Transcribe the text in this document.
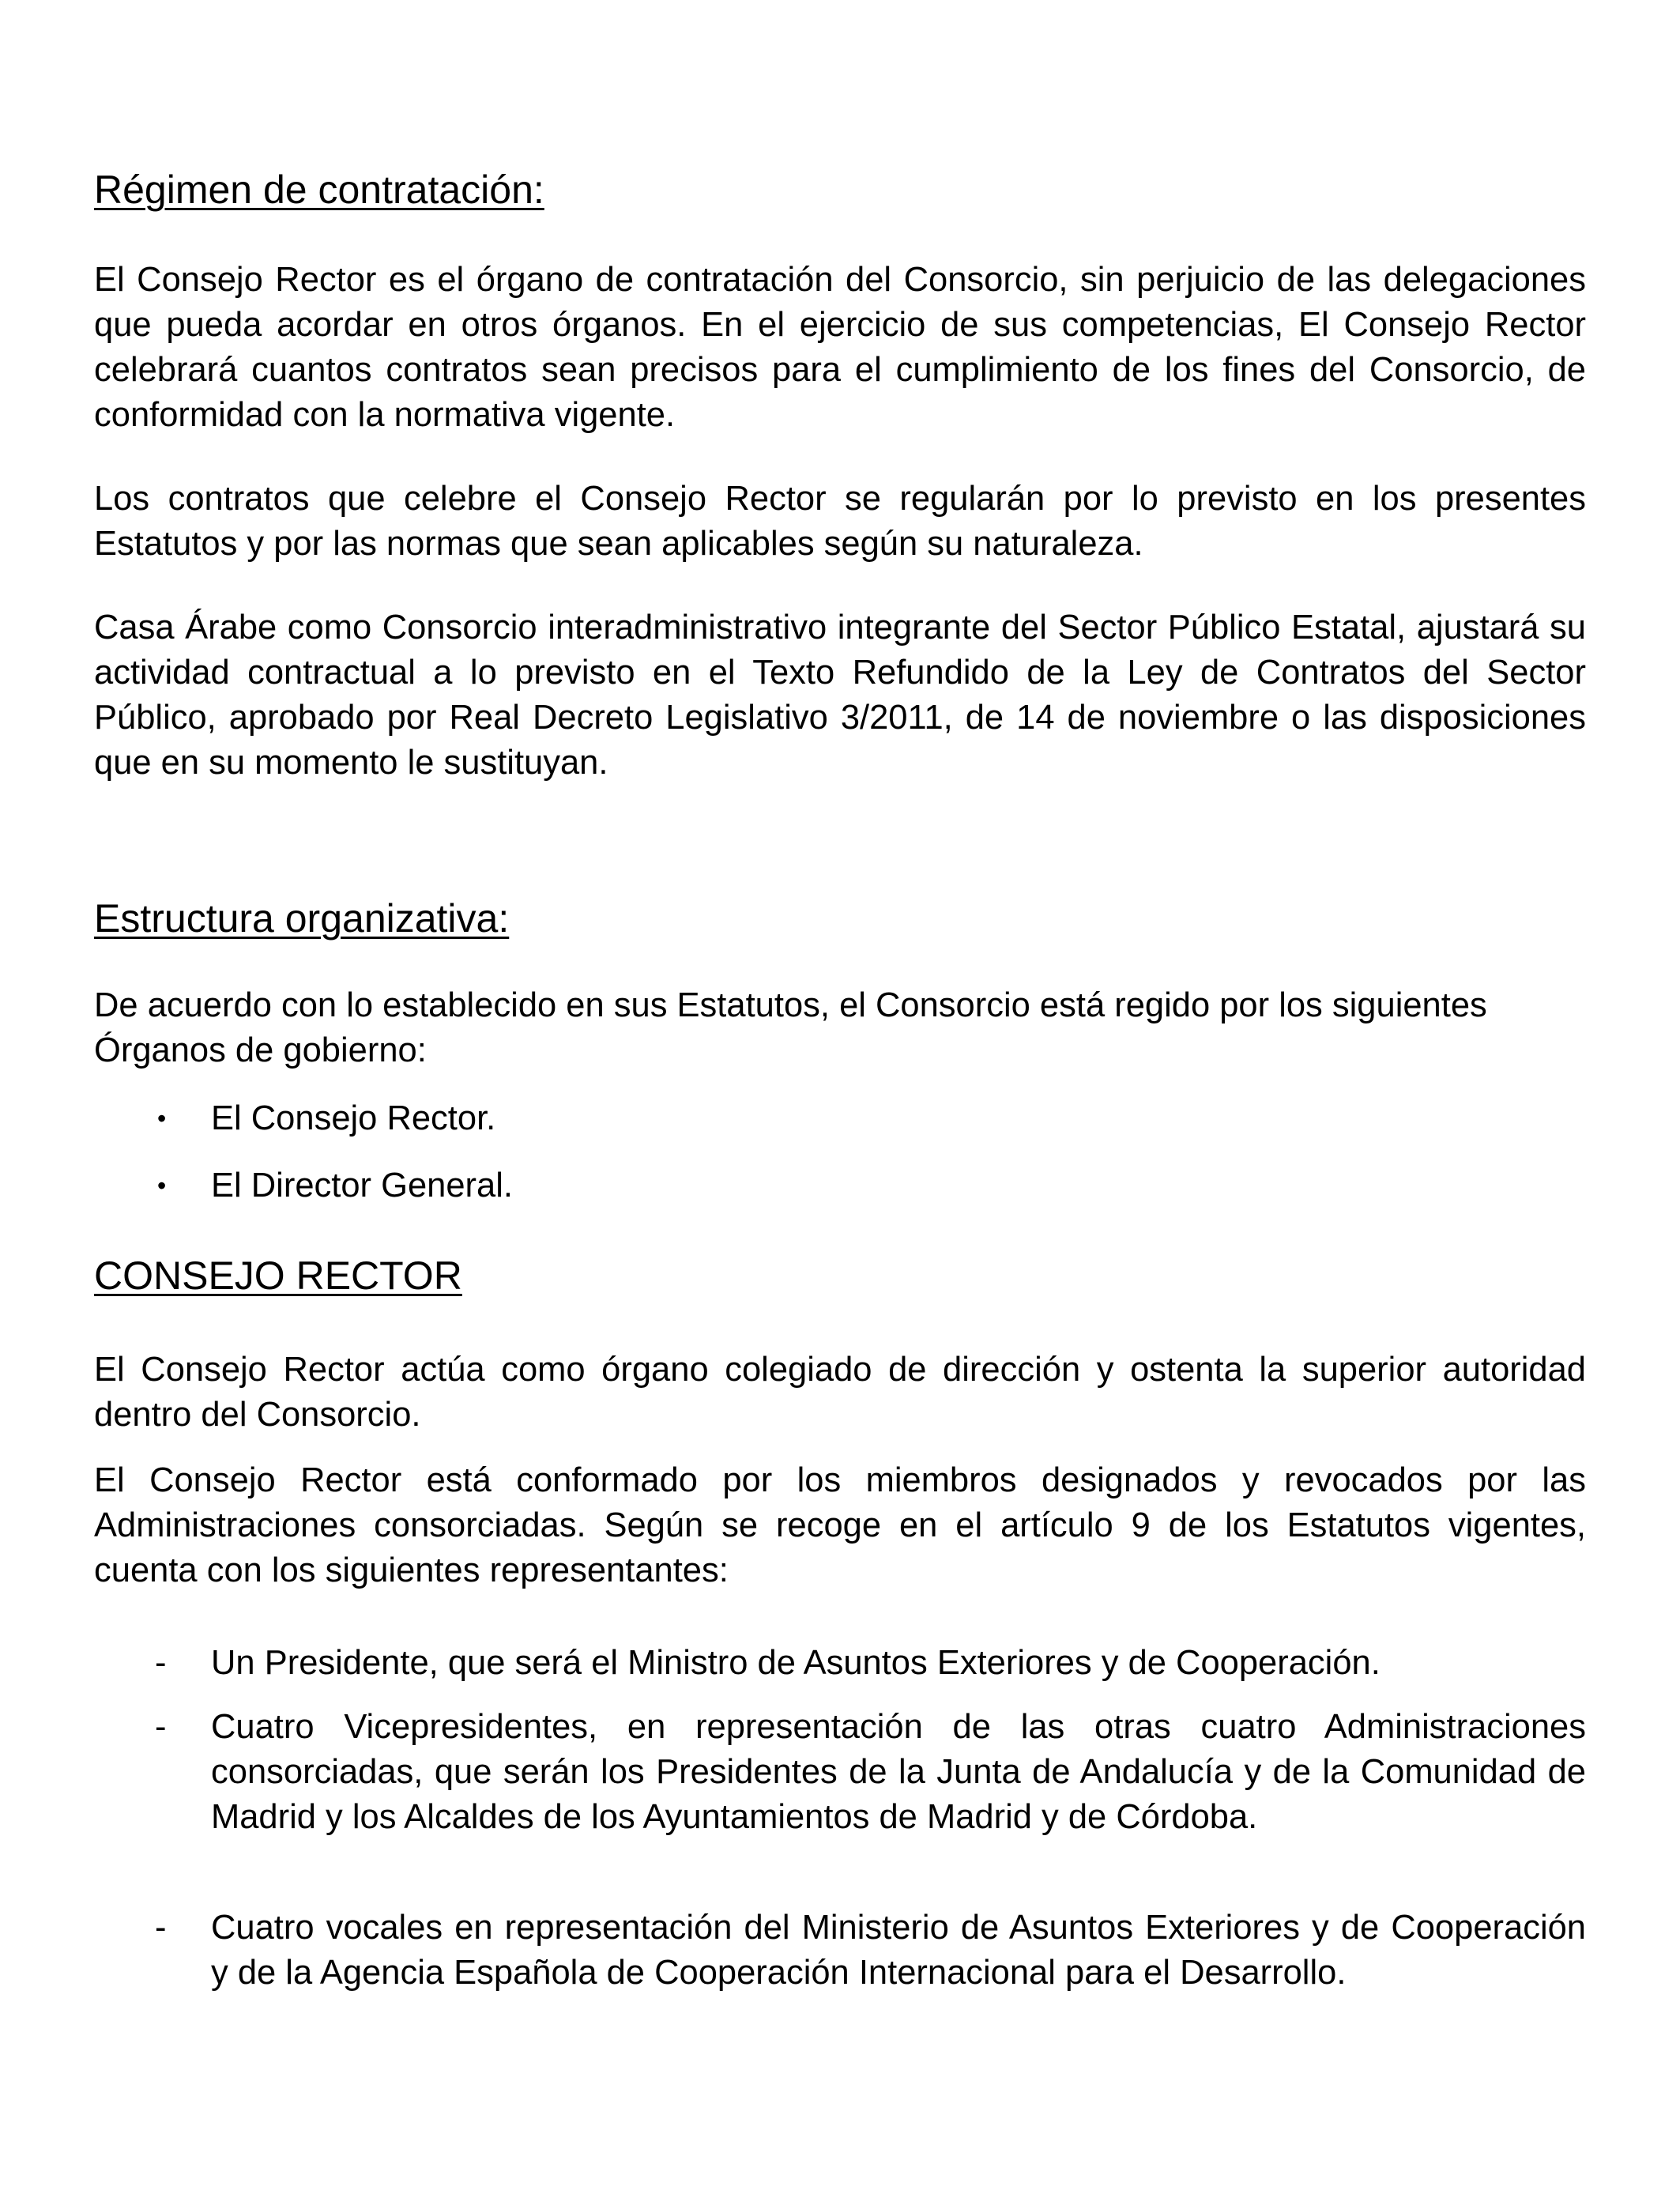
Régimen de contratación:

El Consejo Rector es el órgano de contratación del Consorcio, sin perjuicio de las delegaciones que pueda acordar en otros órganos. En el ejercicio de sus competencias, El Consejo Rector celebrará cuantos contratos sean precisos para el cumplimiento de los fines del Consorcio, de conformidad con la normativa vigente.

Los contratos que celebre el Consejo Rector se regularán por lo previsto en los presentes Estatutos y por las normas que sean aplicables según su naturaleza.

Casa Árabe como Consorcio interadministrativo integrante del Sector Público Estatal, ajustará su actividad contractual a lo previsto en el Texto Refundido de la Ley de Contratos del Sector Público, aprobado por Real Decreto Legislativo 3/2011, de 14 de noviembre o las disposiciones que en su momento le sustituyan.

Estructura organizativa:

De acuerdo con lo establecido en sus Estatutos, el Consorcio está regido por los siguientes Órganos de gobierno:

• El Consejo Rector.
• El Director General.
CONSEJO RECTOR

El Consejo Rector actúa como órgano colegiado de dirección y ostenta la superior autoridad dentro del Consorcio.

El Consejo Rector está conformado por los miembros designados y revocados por las Administraciones consorciadas. Según se recoge en el artículo 9 de los Estatutos vigentes, cuenta con los siguientes representantes:

- Un Presidente, que será el Ministro de Asuntos Exteriores y de Cooperación.
- Cuatro Vicepresidentes, en representación de las otras cuatro Administraciones consorciadas, que serán los Presidentes de la Junta de Andalucía y de la Comunidad de Madrid y los Alcaldes de los Ayuntamientos de Madrid y de Córdoba.
- Cuatro vocales en representación del Ministerio de Asuntos Exteriores y de Cooperación y de la Agencia Española de Cooperación Internacional para el Desarrollo.
